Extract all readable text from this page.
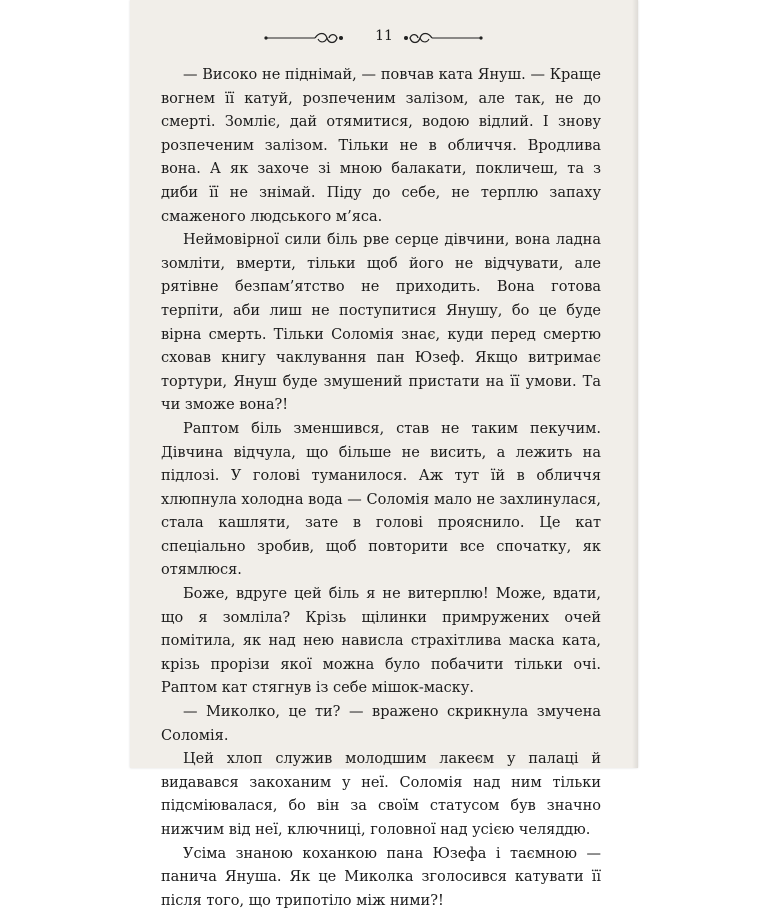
11

— Високо не піднімай, — повчав ката Януш. — Краще вогнем її катуй, розпеченим залізом, але так, не до смерті. Зомліє, дай отямитися, водою відлий. І знову розпеченим залізом. Тільки не в обличчя. Вродлива вона. А як захоче зі мною балакати, покличеш, та з диби її не знімай. Піду до себе, не терплю запаху смаженого людського м’яса.

Неймовірної сили біль рве серце дівчини, вона ладна зомліти, вмерти, тільки щоб його не відчувати, але рятівне безпам’ятство не приходить. Вона готова терпіти, аби лиш не поступитися Янушу, бо це буде вірна смерть. Тільки Соломія знає, куди перед смертю сховав книгу чаклування пан Юзеф. Якщо витримає тортури, Януш буде змушений пристати на її умови. Та чи зможе вона?!

Раптом біль зменшився, став не таким пекучим. Дівчина відчула, що більше не висить, а лежить на підлозі. У голові туманилося. Аж тут їй в обличчя хлюпнула холодна вода — Соломія мало не захлинулася, стала кашляти, зате в голові прояснило. Це кат спеціально зробив, щоб повторити все спочатку, як отямлюся.

Боже, вдруге цей біль я не витерплю! Може, вдати, що я зомліла? Крізь щілинки примружених очей помітила, як над нею нависла страхітлива маска ката, крізь прорізи якої можна було побачити тільки очі. Раптом кат стягнув із себе мішок-маску.

— Миколко, це ти? — вражено скрикнула змучена Соломія.

Цей хлоп служив молодшим лакеєм у палаці й видавався закоханим у неї. Соломія над ним тільки підсміювалася, бо він за своїм статусом був значно нижчим від неї, ключниці, головної над усією челяддю.

Усіма знаною коханкою пана Юзефа і таємною — панича Януша. Як це Миколка зголосився катувати її після того, що трипотіло між ними?!
